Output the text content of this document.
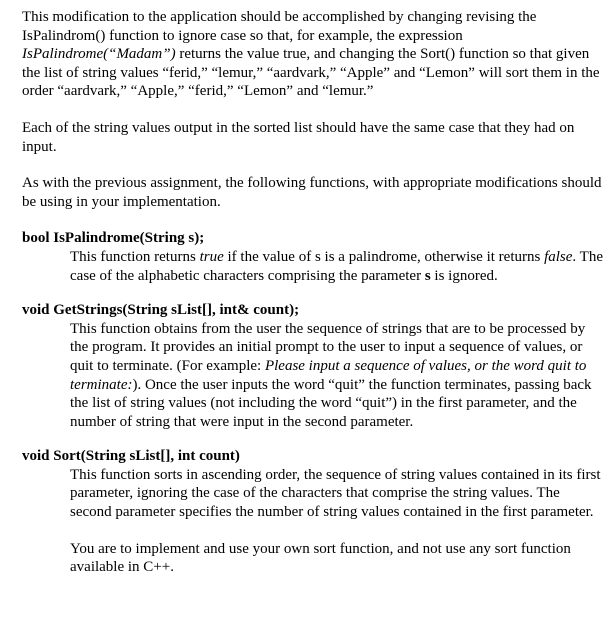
This modification to the application should be accomplished by changing revising the IsPalindrom() function to ignore case so that, for example, the expression IsPalindrome(“Madam”) returns the value true, and changing the Sort() function so that given the list of string values “ferid,” “lemur,” “aardvark,” “Apple” and “Lemon” will sort them in the order “aardvark,” “Apple,” “ferid,” “Lemon” and “lemur.”

Each of the string values output in the sorted list should have the same case that they had on input.

As with the previous assignment, the following functions, with appropriate modifications should be using in your implementation.

bool IsPalindrome(String s);

This function returns true if the value of s is a palindrome, otherwise it returns false. The case of the alphabetic characters comprising the parameter s is ignored.

void GetStrings(String sList[], int& count);

This function obtains from the user the sequence of strings that are to be processed by the program. It provides an initial prompt to the user to input a sequence of values, or quit to terminate. (For example: Please input a sequence of values, or the word quit to terminate:). Once the user inputs the word “quit” the function terminates, passing back the list of string values (not including the word “quit”) in the first parameter, and the number of string that were input in the second parameter.

void Sort(String sList[], int count)

This function sorts in ascending order, the sequence of string values contained in its first parameter, ignoring the case of the characters that comprise the string values. The second parameter specifies the number of string values contained in the first parameter.

You are to implement and use your own sort function, and not use any sort function available in C++.
